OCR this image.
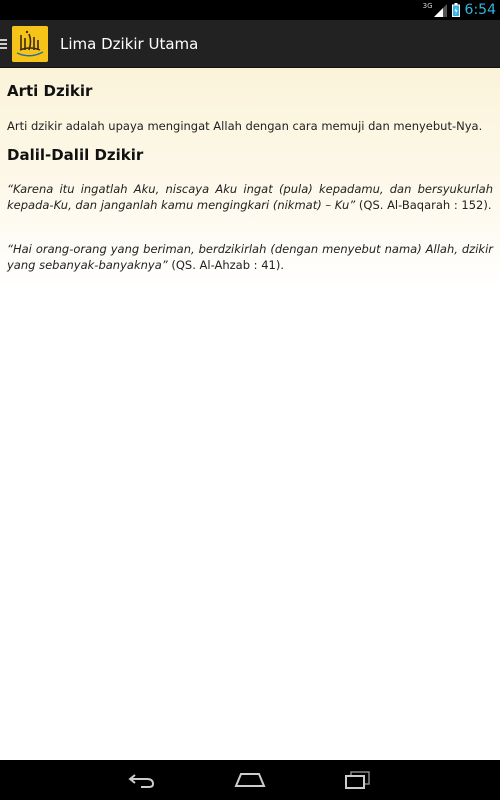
3G 6:54
Lima Dzikir Utama
Arti Dzikir

Arti dzikir adalah upaya mengingat Allah dengan cara memuji dan menyebut-Nya.

Dalil-Dalil Dzikir

“Karena itu ingatlah Aku, niscaya Aku ingat (pula) kepadamu, dan bersyukurlah kepada-Ku, dan janganlah kamu mengingkari (nikmat) – Ku” (QS. Al-Baqarah : 152).

“Hai orang-orang yang beriman, berdzikirlah (dengan menyebut nama) Allah, dzikir yang sebanyak-banyaknya” (QS. Al-Ahzab : 41).
